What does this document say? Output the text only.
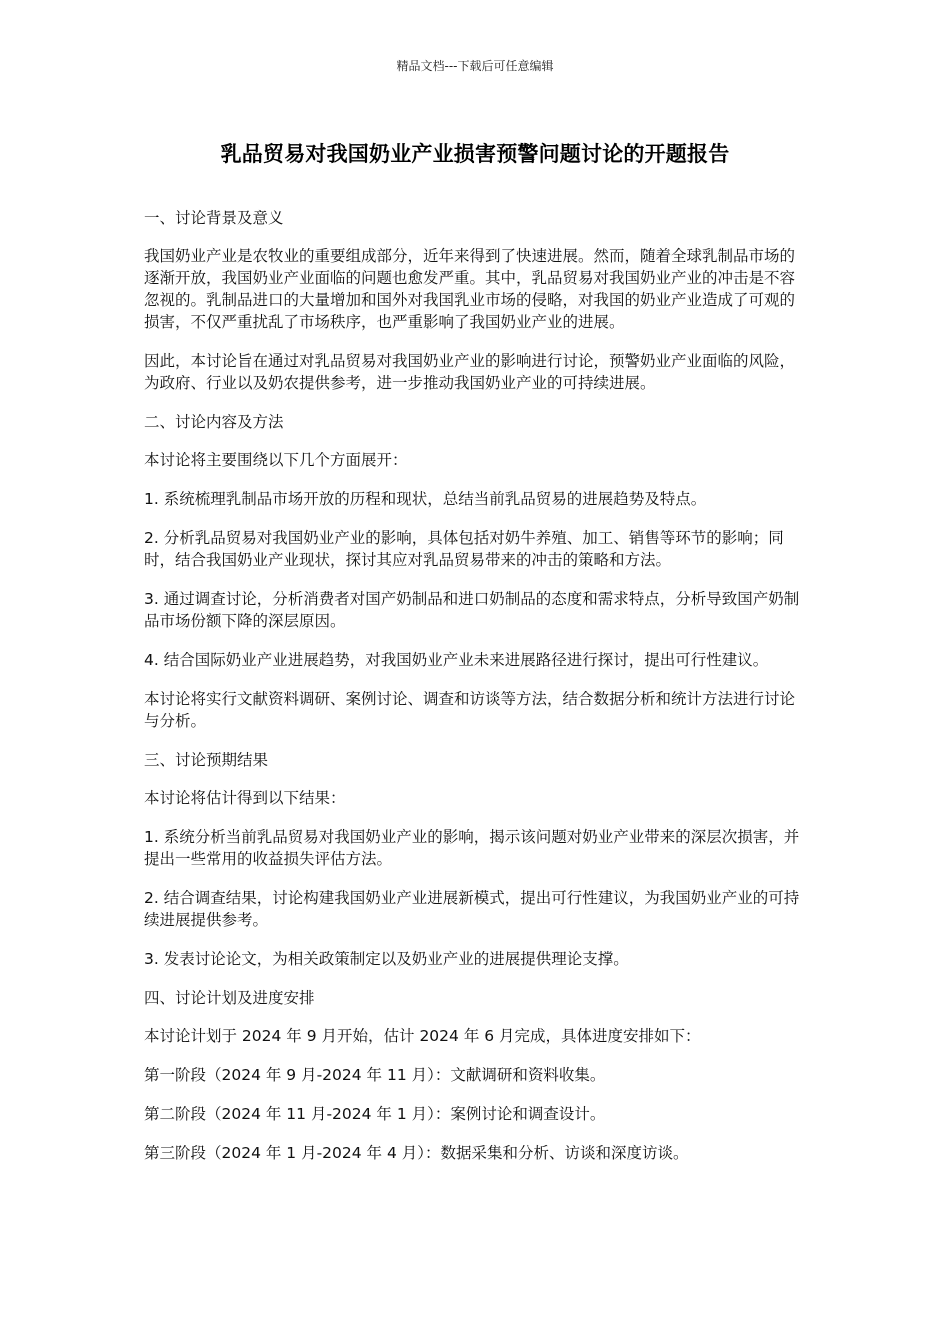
精品文档---下载后可任意编辑
乳品贸易对我国奶业产业损害预警问题讨论的开题报告

一、讨论背景及意义

我国奶业产业是农牧业的重要组成部分，近年来得到了快速进展。然而，随着全球乳制品市场的逐渐开放，我国奶业产业面临的问题也愈发严重。其中，乳品贸易对我国奶业产业的冲击是不容忽视的。乳制品进口的大量增加和国外对我国乳业市场的侵略，对我国的奶业产业造成了可观的损害，不仅严重扰乱了市场秩序，也严重影响了我国奶业产业的进展。

因此，本讨论旨在通过对乳品贸易对我国奶业产业的影响进行讨论，预警奶业产业面临的风险，为政府、行业以及奶农提供参考，进一步推动我国奶业产业的可持续进展。

二、讨论内容及方法

本讨论将主要围绕以下几个方面展开：

1. 系统梳理乳制品市场开放的历程和现状，总结当前乳品贸易的进展趋势及特点。

2. 分析乳品贸易对我国奶业产业的影响，具体包括对奶牛养殖、加工、销售等环节的影响；同时，结合我国奶业产业现状，探讨其应对乳品贸易带来的冲击的策略和方法。

3. 通过调查讨论，分析消费者对国产奶制品和进口奶制品的态度和需求特点，分析导致国产奶制品市场份额下降的深层原因。

4. 结合国际奶业产业进展趋势，对我国奶业产业未来进展路径进行探讨，提出可行性建议。

本讨论将实行文献资料调研、案例讨论、调查和访谈等方法，结合数据分析和统计方法进行讨论与分析。

三、讨论预期结果

本讨论将估计得到以下结果：

1. 系统分析当前乳品贸易对我国奶业产业的影响，揭示该问题对奶业产业带来的深层次损害，并提出一些常用的收益损失评估方法。

2. 结合调查结果，讨论构建我国奶业产业进展新模式，提出可行性建议，为我国奶业产业的可持续进展提供参考。

3. 发表讨论论文，为相关政策制定以及奶业产业的进展提供理论支撑。

四、讨论计划及进度安排

本讨论计划于 2024 年 9 月开始，估计 2024 年 6 月完成，具体进度安排如下：

第一阶段（2024 年 9 月-2024 年 11 月）：文献调研和资料收集。

第二阶段（2024 年 11 月-2024 年 1 月）：案例讨论和调查设计。

第三阶段（2024 年 1 月-2024 年 4 月）：数据采集和分析、访谈和深度访谈。
